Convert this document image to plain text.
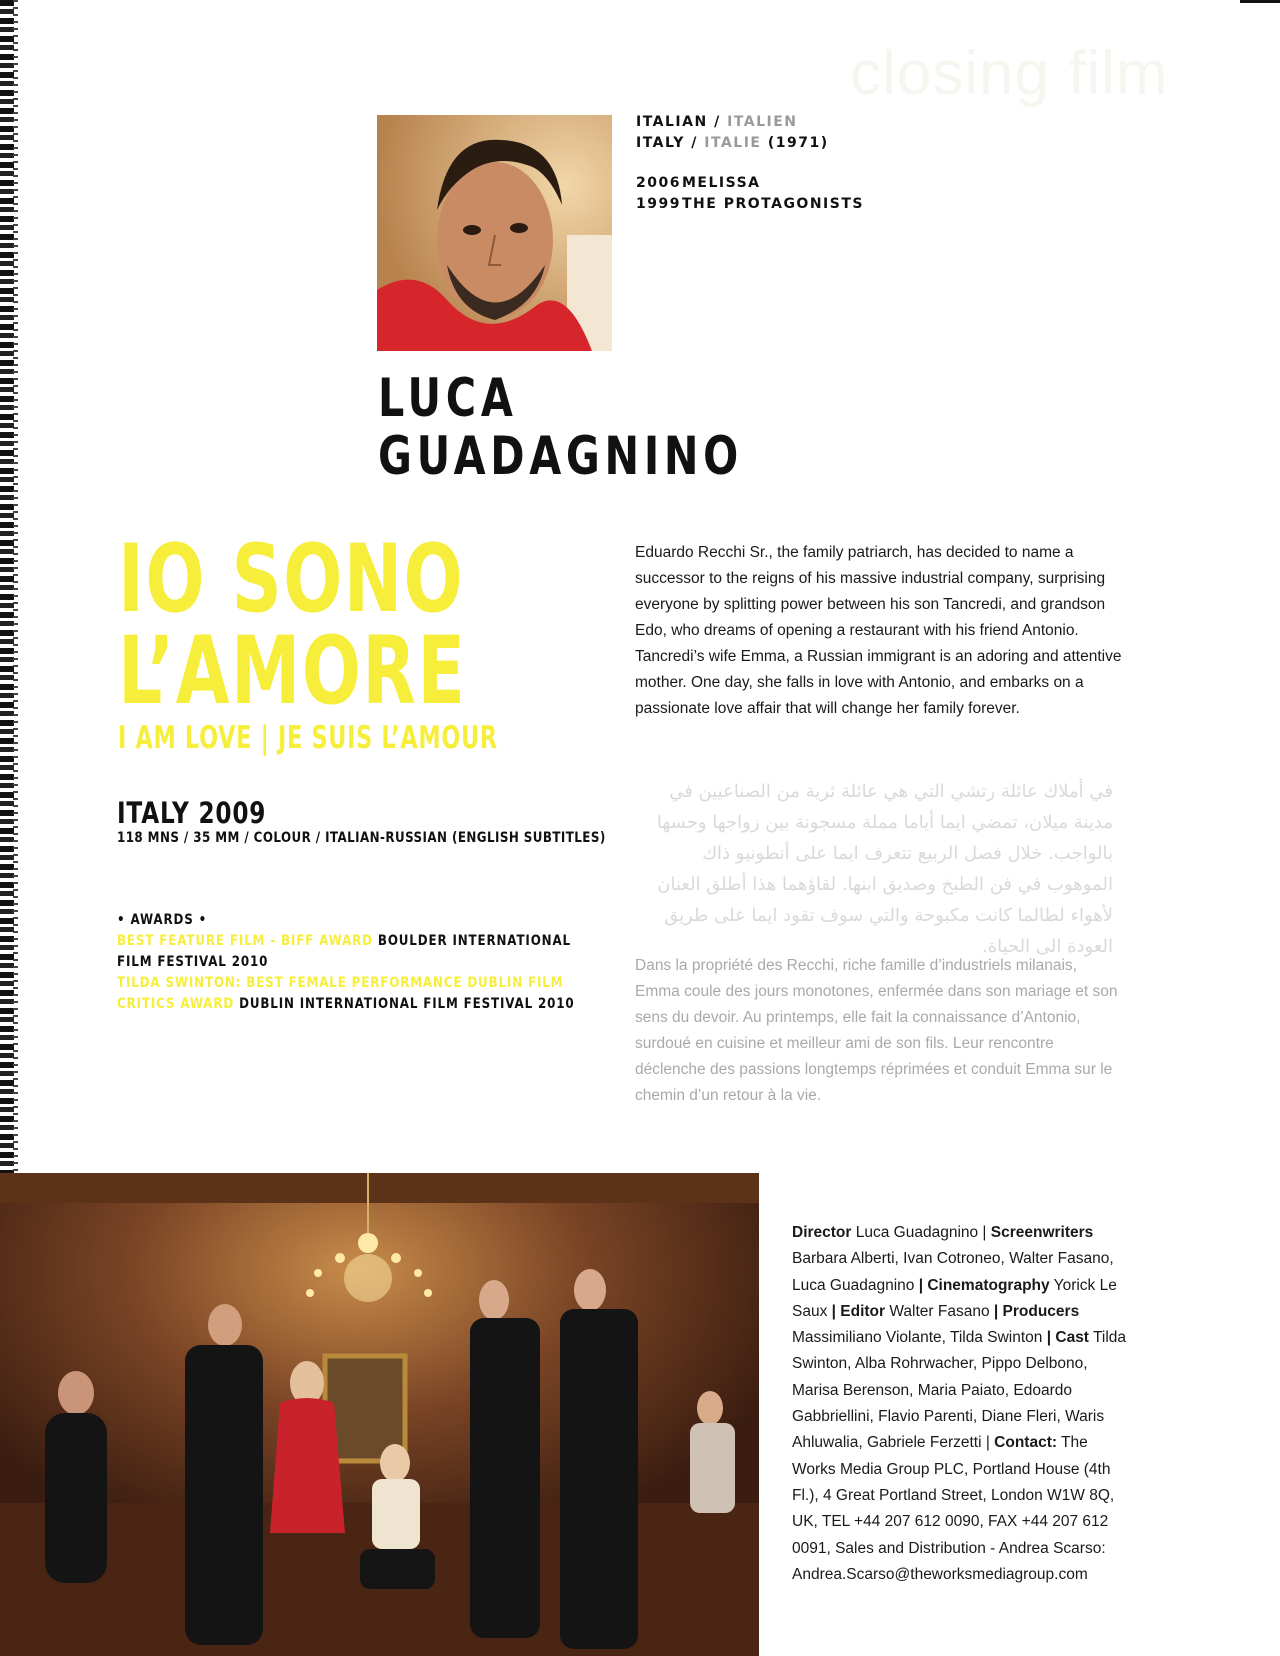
closing film
ITALIAN / ITALIEN
ITALY / ITALIE (1971)
2006MELISSA
1999THE PROTAGONISTS
LUCA
GUADAGNINO
IO SONO
L’AMORE
I AM LOVE | JE SUIS L’AMOUR
ITALY 2009
118 MNS / 35 MM / COLOUR / ITALIAN-RUSSIAN (ENGLISH SUBTITLES)
• AWARDS •
BEST FEATURE FILM - BIFF AWARD BOULDER INTERNATIONAL FILM FESTIVAL 2010
TILDA SWINTON: BEST FEMALE PERFORMANCE DUBLIN FILM CRITICS AWARD DUBLIN INTERNATIONAL FILM FESTIVAL 2010
Eduardo Recchi Sr., the family patriarch, has decided to name a successor to the reigns of his massive industrial company, surprising everyone by splitting power between his son Tancredi, and grandson Edo, who dreams of opening a restaurant with his friend Antonio. Tancredi’s wife Emma, a Russian immigrant is an adoring and attentive mother. One day, she falls in love with Antonio, and embarks on a passionate love affair that will change her family forever.
في أملاك عائلة رتشي التي هي عائلة ثرية من الصناعيين في مدينة ميلان، تمضي ايما أياما مملة مسجونة بين زواجها وحسها بالواجب. خلال فصل الربيع تتعرف ايما على أنطونيو ذاك الموهوب في فن الطبخ وصديق ابنها. لقاؤهما هذا أطلق العنان لأهواء لطالما كانت مكبوحة والتي سوف تقود ايما على طريق العودة الى الحياة.
Dans la propriété des Recchi, riche famille d’industriels milanais, Emma coule des jours monotones, enfermée dans son mariage et son sens du devoir. Au printemps, elle fait la connaissance d’Antonio, surdoué en cuisine et meilleur ami de son fils. Leur rencontre déclenche des passions longtemps réprimées et conduit Emma sur le chemin d’un retour à la vie.
Director Luca Guadagnino | Screenwriters Barbara Alberti, Ivan Cotroneo, Walter Fasano, Luca Guadagnino | Cinematography Yorick Le Saux | Editor Walter Fasano | Producers Massimiliano Violante, Tilda Swinton | Cast Tilda Swinton, Alba Rohrwacher, Pippo Delbono, Marisa Berenson, Maria Paiato, Edoardo Gabbriellini, Flavio Parenti, Diane Fleri, Waris Ahluwalia, Gabriele Ferzetti | Contact: The Works Media Group PLC, Portland House (4th Fl.), 4 Great Portland Street, London W1W 8Q, UK, TEL +44 207 612 0090, FAX +44 207 612 0091, Sales and Distribution - Andrea Scarso: Andrea.Scarso@theworksmediagroup.com
